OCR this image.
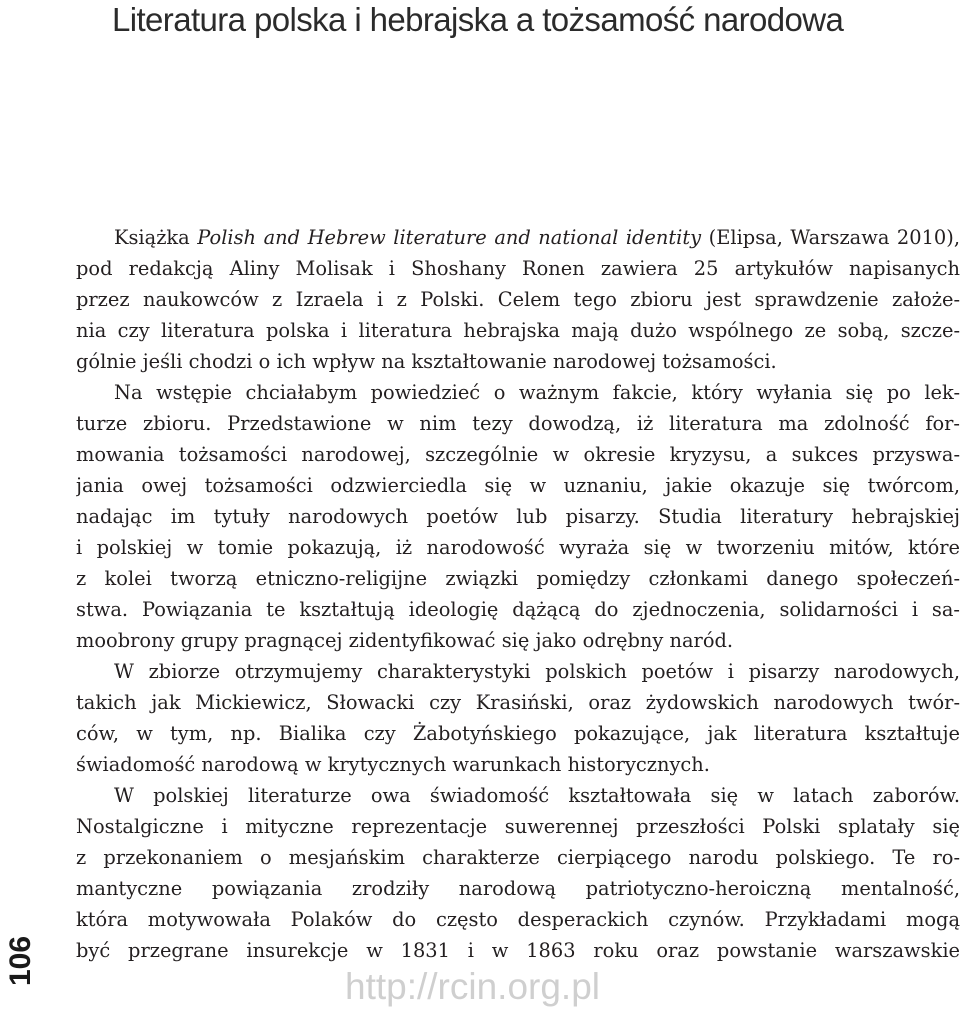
Literatura polska i hebrajska a tożsamość narodowa
Książka Polish and Hebrew literature and national identity (Elipsa, Warszawa 2010),
pod redakcją Aliny Molisak i Shoshany Ronen zawiera 25 artykułów napisanych
przez naukowców z Izraela i z Polski. Celem tego zbioru jest sprawdzenie założe-
nia czy literatura polska i literatura hebrajska mają dużo wspólnego ze sobą, szcze-
gólnie jeśli chodzi o ich wpływ na kształtowanie narodowej tożsamości.
Na wstępie chciałabym powiedzieć o ważnym fakcie, który wyłania się po lek-
turze zbioru. Przedstawione w nim tezy dowodzą, iż literatura ma zdolność for-
mowania tożsamości narodowej, szczególnie w okresie kryzysu, a sukces przyswa-
jania owej tożsamości odzwierciedla się w uznaniu, jakie okazuje się twórcom,
nadając im tytuły narodowych poetów lub pisarzy. Studia literatury hebrajskiej
i polskiej w tomie pokazują, iż narodowość wyraża się w tworzeniu mitów, które
z kolei tworzą etniczno-religijne związki pomiędzy członkami danego społeczeń-
stwa. Powiązania te kształtują ideologię dążącą do zjednoczenia, solidarności i sa-
moobrony grupy pragnącej zidentyfikować się jako odrębny naród.
W zbiorze otrzymujemy charakterystyki polskich poetów i pisarzy narodowych,
takich jak Mickiewicz, Słowacki czy Krasiński, oraz żydowskich narodowych twór-
ców, w tym, np. Bialika czy Żabotyńskiego pokazujące, jak literatura kształtuje
świadomość narodową w krytycznych warunkach historycznych.
W polskiej literaturze owa świadomość kształtowała się w latach zaborów.
Nostalgiczne i mityczne reprezentacje suwerennej przeszłości Polski splatały się
z przekonaniem o mesjańskim charakterze cierpiącego narodu polskiego. Te ro-
mantyczne powiązania zrodziły narodową patriotyczno-heroiczną mentalność,
która motywowała Polaków do często desperackich czynów. Przykładami mogą
być przegrane insurekcje w 1831 i w 1863 roku oraz powstanie warszawskie
106
http://rcin.org.pl
